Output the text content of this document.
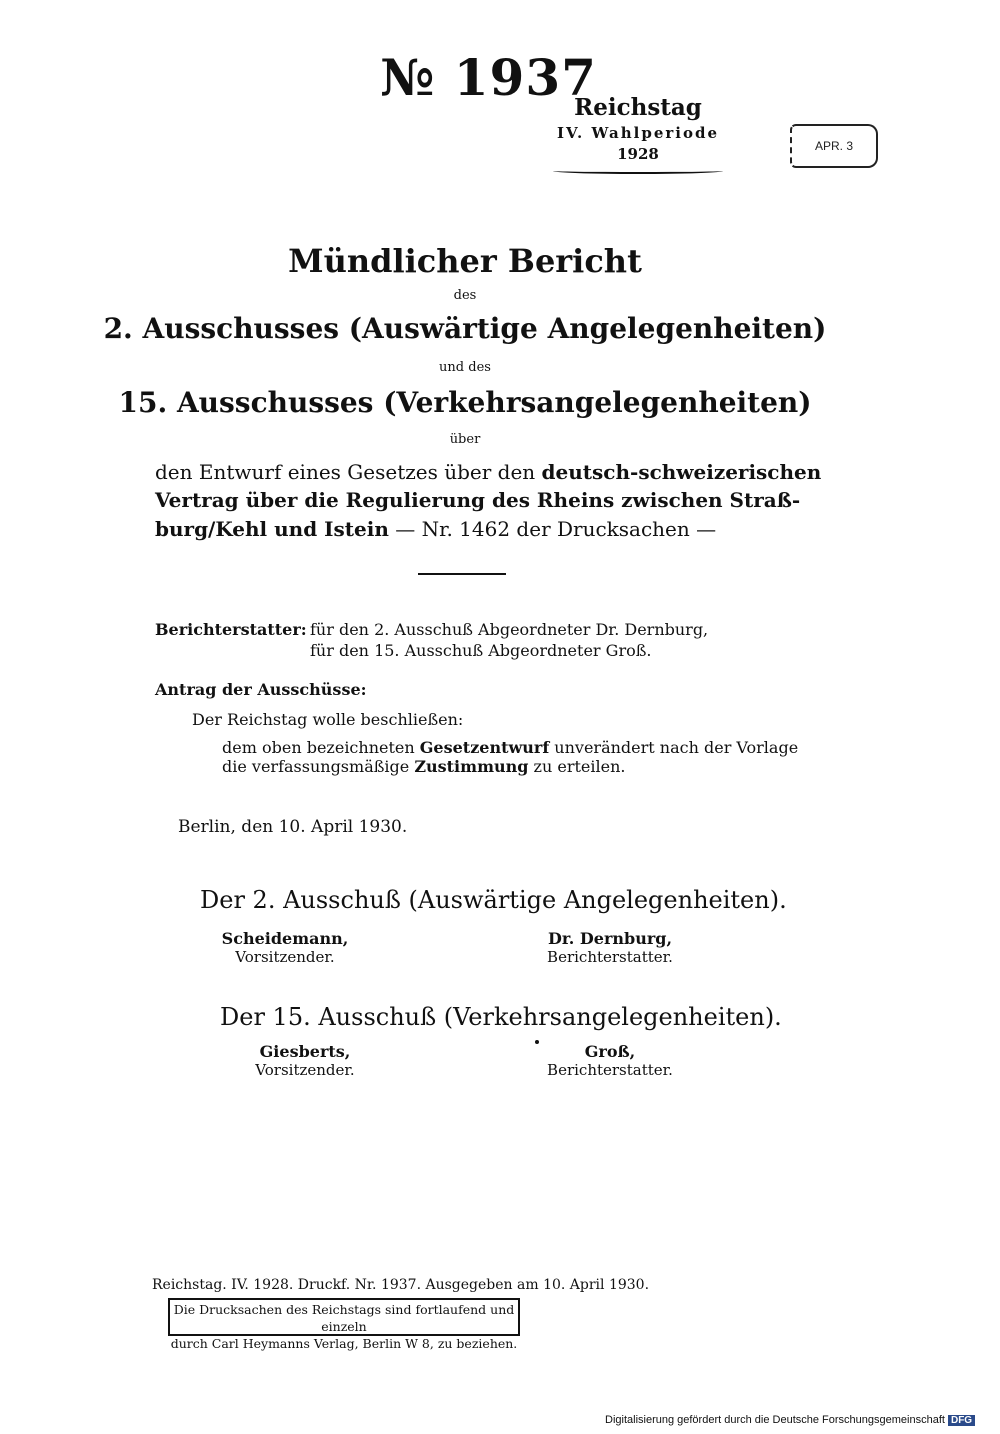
№ 1937
Reichstag
IV. Wahlperiode
1928	APR. 3
Mündlicher Bericht
des
2. Ausschusses (Auswärtige Angelegenheiten)
und des
15. Ausschusses (Verkehrsangelegenheiten)
über
den Entwurf eines Gesetzes über den deutsch-schweizerischen
Vertrag über die Regulierung des Rheins zwischen Straß-
burg/Kehl und Istein — Nr. 1462 der Drucksachen —
Berichterstatter: für den 2. Ausschuß Abgeordneter Dr. Dernburg,
für den 15. Ausschuß Abgeordneter Groß.
Antrag der Ausschüsse:
Der Reichstag wolle beschließen:
dem oben bezeichneten Gesetzentwurf unverändert nach der Vorlage
die verfassungsmäßige Zustimmung zu erteilen.
Berlin, den 10. April 1930.
Der 2. Ausschuß (Auswärtige Angelegenheiten).
Scheidemann,
Vorsitzender.
Dr. Dernburg,
Berichterstatter.
Der 15. Ausschuß (Verkehrsangelegenheiten).
Giesberts,
Vorsitzender.
Groß,
Berichterstatter.
Reichstag. IV. 1928. Druckf. Nr. 1937. Ausgegeben am 10. April 1930.
Die Drucksachen des Reichstags sind fortlaufend und einzeln
durch Carl Heymanns Verlag, Berlin W 8, zu beziehen.
Digitalisierung gefördert durch die Deutsche Forschungsgemeinschaft DFG
